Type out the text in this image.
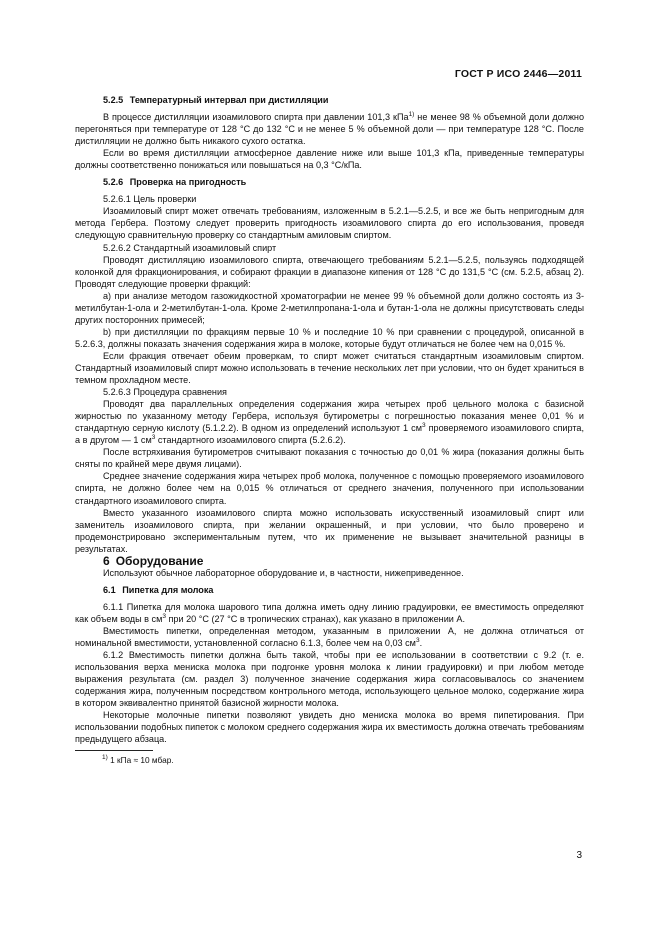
ГОСТ Р ИСО 2446—2011

5.2.5 Температурный интервал при дистилляции

В процессе дистилляции изоамилового спирта при давлении 101,3 кПа$^{1)}$ не менее 98 % объемной доли должно перегоняться при температуре от 128 °С до 132 °С и не менее 5 % объемной доли — при температуре 128 °С. После дистилляции не должно быть никакого сухого остатка.

Если во время дистилляции атмосферное давление ниже или выше 101,3 кПа, приведенные температуры должны соответственно понижаться или повышаться на 0,3 °С/кПа.

5.2.6 Проверка на пригодность

5.2.6.1 Цель проверки

Изоамиловый спирт может отвечать требованиям, изложенным в 5.2.1—5.2.5, и все же быть непригодным для метода Гербера. Поэтому следует проверить пригодность изоамилового спирта до его использования, проведя следующую сравнительную проверку со стандартным амиловым спиртом.

5.2.6.2 Стандартный изоамиловый спирт

Проводят дистилляцию изоамилового спирта, отвечающего требованиям 5.2.1—5.2.5, пользуясь подходящей колонкой для фракционирования, и собирают фракции в диапазоне кипения от 128 °С до 131,5 °С (см. 5.2.5, абзац 2). Проводят следующие проверки фракций:

a) при анализе методом газожидкостной хроматографии не менее 99 % объемной доли должно состоять из 3-метилбутан-1-ола и 2-метилбутан-1-ола. Кроме 2-метилпропана-1-ола и бутан-1-ола не должны присутствовать следы других посторонних примесей;

b) при дистилляции по фракциям первые 10 % и последние 10 % при сравнении с процедурой, описанной в 5.2.6.3, должны показать значения содержания жира в молоке, которые будут отличаться не более чем на 0,015 %.

Если фракция отвечает обеим проверкам, то спирт может считаться стандартным изоамиловым спиртом. Стандартный изоамиловый спирт можно использовать в течение нескольких лет при условии, что он будет храниться в темном прохладном месте.

5.2.6.3 Процедура сравнения

Проводят два параллельных определения содержания жира четырех проб цельного молока с базисной жирностью по указанному методу Гербера, используя бутирометры с погрешностью показания менее 0,01 % и стандартную серную кислоту (5.1.2.2). В одном из определений используют 1 $см^3$ проверяемого изоамилового спирта, а в другом — 1 $см^3$ стандартного изоамилового спирта (5.2.6.2).

После встряхивания бутирометров считывают показания с точностью до 0,01 % жира (показания должны быть сняты по крайней мере двумя лицами).

Среднее значение содержания жира четырех проб молока, полученное с помощью проверяемого изоамилового спирта, не должно более чем на 0,015 % отличаться от среднего значения, полученного при использовании стандартного изоамилового спирта.

Вместо указанного изоамилового спирта можно использовать искусственный изоамиловый спирт или заменитель изоамилового спирта, при желании окрашенный, и при условии, что было проверено и продемонстрировано экспериментальным путем, что их применение не вызывает значительной разницы в результатах.

6 Оборудование

Используют обычное лабораторное оборудование и, в частности, нижеприведенное.

6.1 Пипетка для молока

6.1.1 Пипетка для молока шарового типа должна иметь одну линию градуировки, ее вместимость определяют как объем воды в $см^3$ при 20 °С (27 °С в тропических странах), как указано в приложении А.

Вместимость пипетки, определенная методом, указанным в приложении А, не должна отличаться от номинальной вместимости, установленной согласно 6.1.3, более чем на 0,03 $см^3$.

6.1.2 Вместимость пипетки должна быть такой, чтобы при ее использовании в соответствии с 9.2 (т. е. использования верха мениска молока при подгонке уровня молока к линии градуировки) и при любом методе выражения результата (см. раздел 3) полученное значение содержания жира согласовывалось со значением содержания жира, полученным посредством контрольного метода, использующего цельное молоко, содержание жира в котором эквивалентно принятой базисной жирности молока.

Некоторые молочные пипетки позволяют увидеть дно мениска молока во время пипетирования. При использовании подобных пипеток с молоком среднего содержания жира их вместимость должна отвечать требованиям предыдущего абзаца.

$^{1)}$ 1 кПа ≈ 10 мбар.

3
